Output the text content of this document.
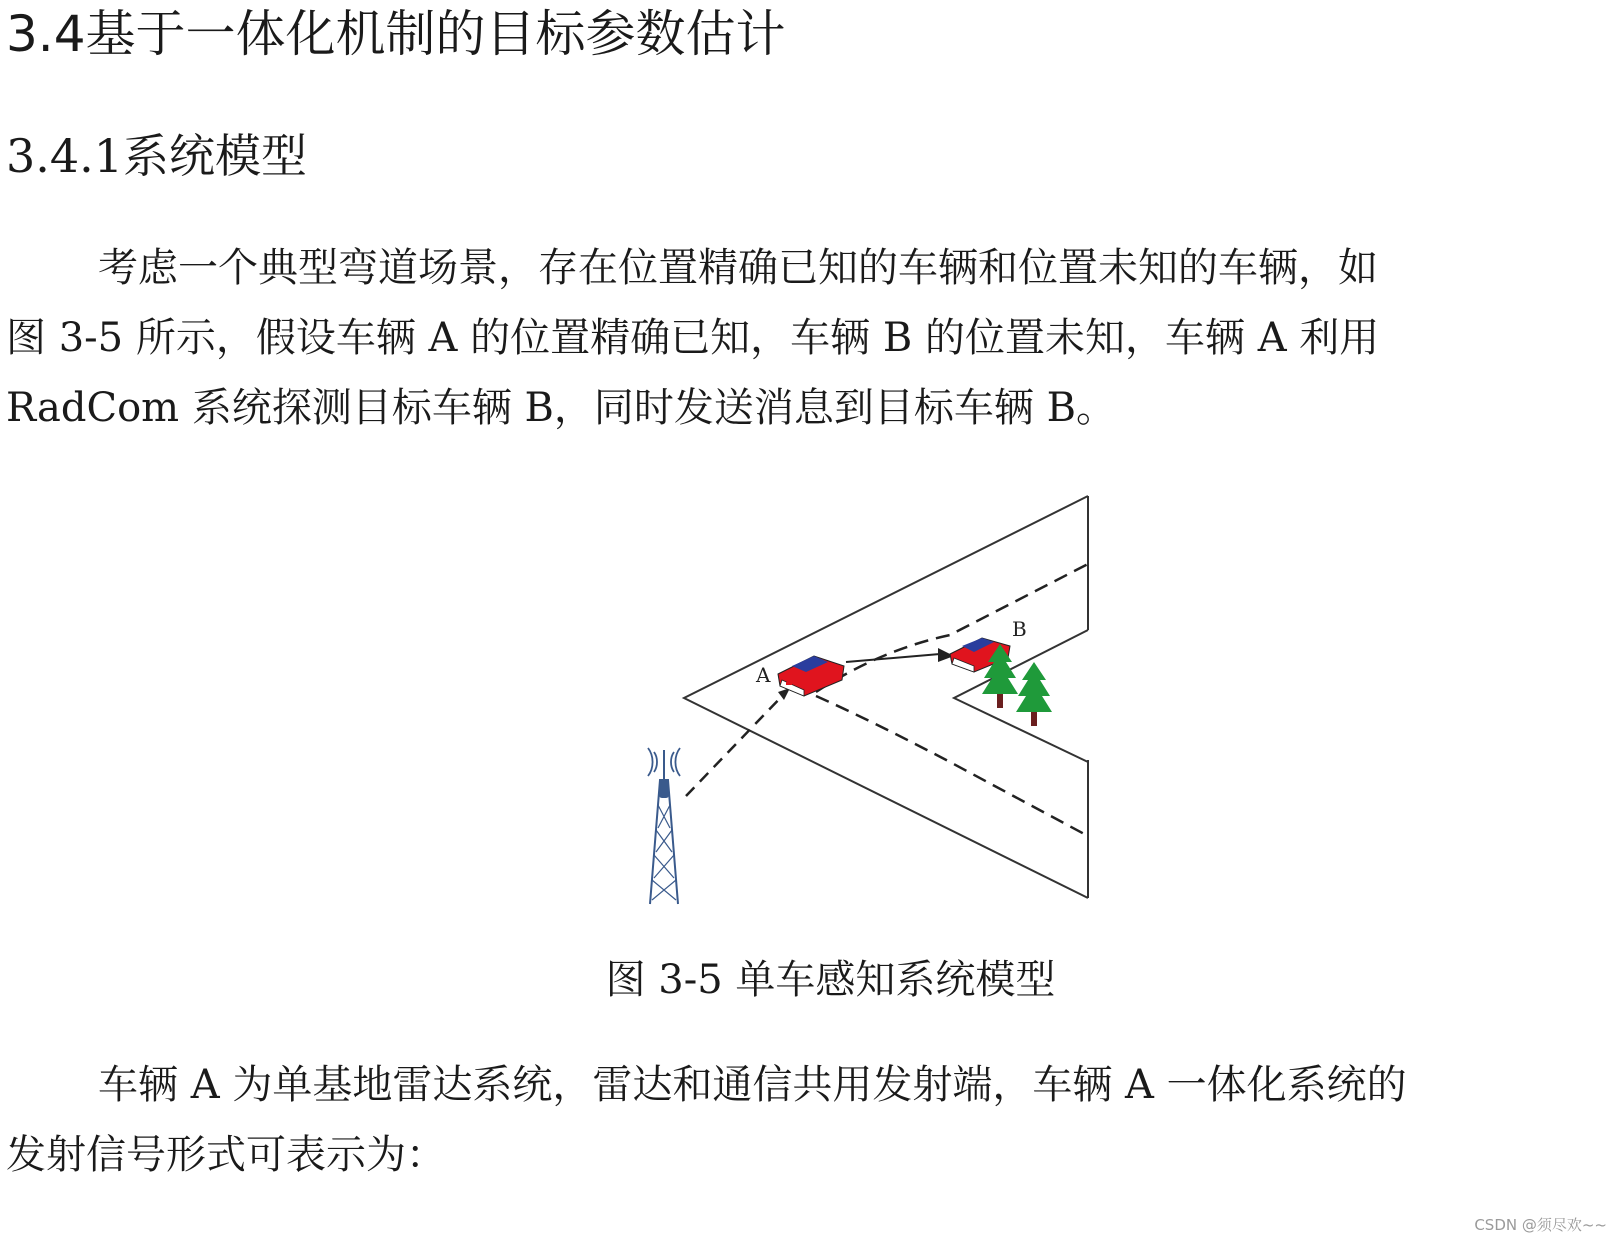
3.4基于一体化机制的目标参数估计
3.4.1系统模型

考虑一个典型弯道场景，存在位置精确已知的车辆和位置未知的车辆，如
图 3-5 所示，假设车辆 A 的位置精确已知，车辆 B 的位置未知，车辆 A 利用
RadCom 系统探测目标车辆 B，同时发送消息到目标车辆 B。

A
B
图 3-5 单车感知系统模型

车辆 A 为单基地雷达系统，雷达和通信共用发射端，车辆 A 一体化系统的
发射信号形式可表示为：

CSDN @须尽欢~~
